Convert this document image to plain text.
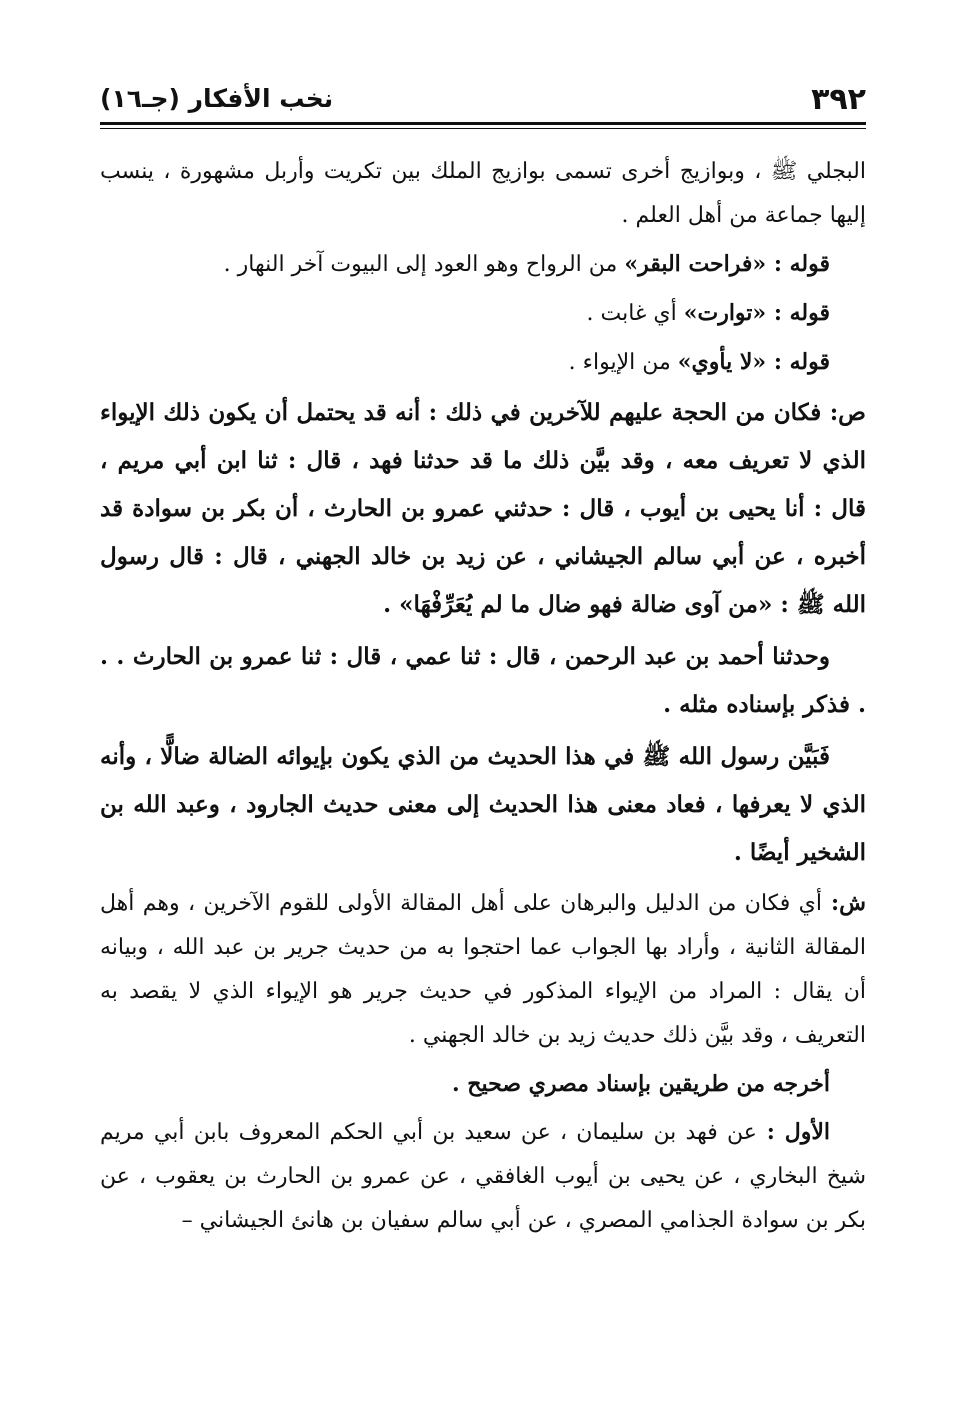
٣٩٢
نخب الأفكار (جـ١٦)

البجلي ﷺ ، وبوازيج أخرى تسمى بوازيج الملك بين تكريت وأربل مشهورة ، ينسب إليها جماعة من أهل العلم .

قوله : «فراحت البقر» من الرواح وهو العود إلى البيوت آخر النهار .

قوله : «توارت» أي غابت .

قوله : «لا يأوي» من الإيواء .

ص: فكان من الحجة عليهم للآخرين في ذلك : أنه قد يحتمل أن يكون ذلك الإيواء الذي لا تعريف معه ، وقد بيَّن ذلك ما قد حدثنا فهد ، قال : ثنا ابن أبي مريم ، قال : أنا يحيى بن أيوب ، قال : حدثني عمرو بن الحارث ، أن بكر بن سوادة قد أخبره ، عن أبي سالم الجيشاني ، عن زيد بن خالد الجهني ، قال : قال رسول الله ﷺ : «من آوى ضالة فهو ضال ما لم يُعَرِّفْهَا» .

وحدثنا أحمد بن عبد الرحمن ، قال : ثنا عمي ، قال : ثنا عمرو بن الحارث . . . فذكر بإسناده مثله .

فَبَيَّن رسول الله ﷺ في هذا الحديث من الذي يكون بإيوائه الضالة ضالًّا ، وأنه الذي لا يعرفها ، فعاد معنى هذا الحديث إلى معنى حديث الجارود ، وعبد الله بن الشخير أيضًا .

ش: أي فكان من الدليل والبرهان على أهل المقالة الأولى للقوم الآخرين ، وهم أهل المقالة الثانية ، وأراد بها الجواب عما احتجوا به من حديث جرير بن عبد الله ، وبيانه أن يقال : المراد من الإيواء المذكور في حديث جرير هو الإيواء الذي لا يقصد به التعريف ، وقد بيَّن ذلك حديث زيد بن خالد الجهني .

أخرجه من طريقين بإسناد مصري صحيح .

الأول : عن فهد بن سليمان ، عن سعيد بن أبي الحكم المعروف بابن أبي مريم شيخ البخاري ، عن يحيى بن أيوب الغافقي ، عن عمرو بن الحارث بن يعقوب ، عن بكر بن سوادة الجذامي المصري ، عن أبي سالم سفيان بن هانئ الجيشاني –
